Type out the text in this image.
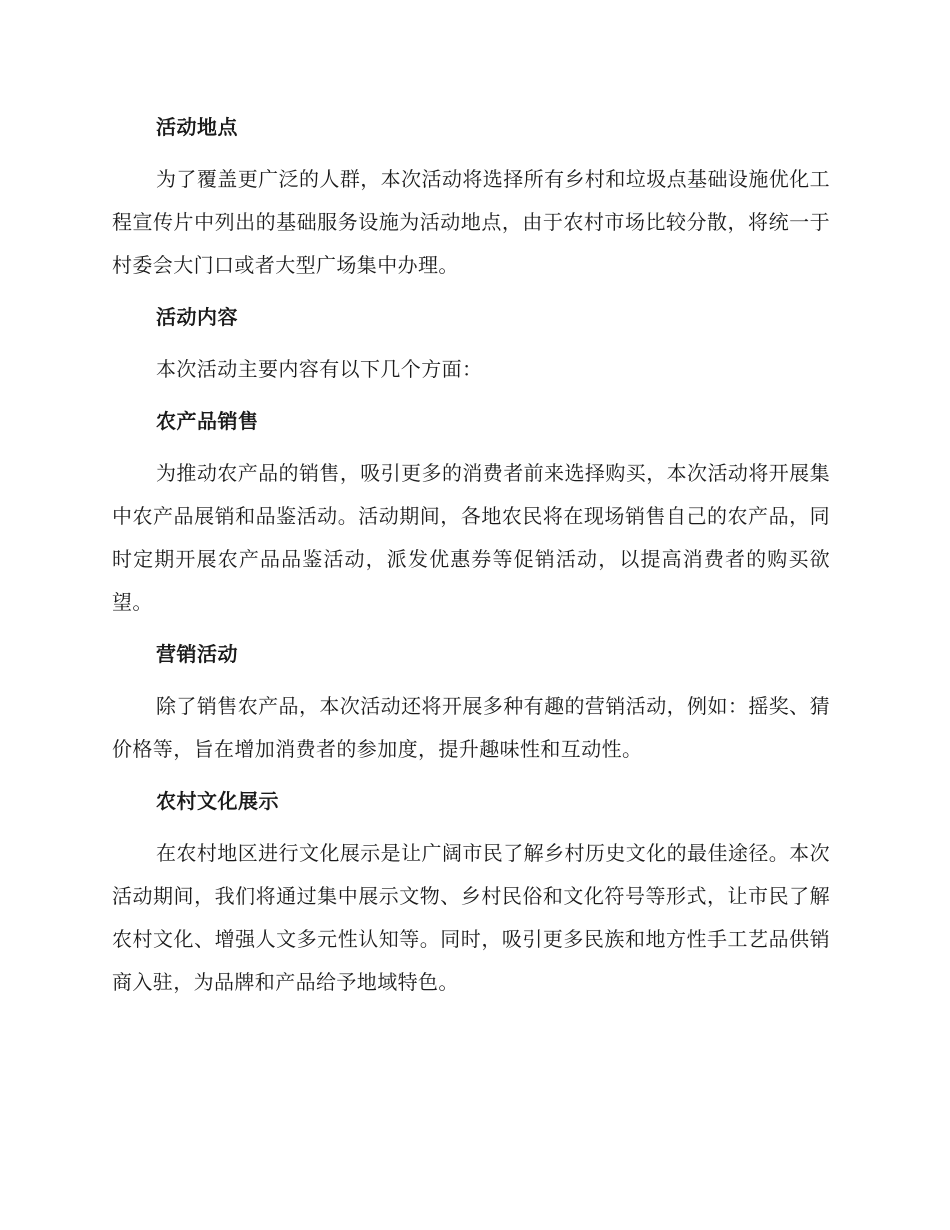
活动地点

为了覆盖更广泛的人群，本次活动将选择所有乡村和垃圾点基础设施优化工程宣传片中列出的基础服务设施为活动地点，由于农村市场比较分散，将统一于村委会大门口或者大型广场集中办理。

活动内容

本次活动主要内容有以下几个方面：

农产品销售

为推动农产品的销售，吸引更多的消费者前来选择购买，本次活动将开展集中农产品展销和品鉴活动。活动期间，各地农民将在现场销售自己的农产品，同时定期开展农产品品鉴活动，派发优惠券等促销活动，以提高消费者的购买欲望。

营销活动

除了销售农产品，本次活动还将开展多种有趣的营销活动，例如：摇奖、猜价格等，旨在增加消费者的参加度，提升趣味性和互动性。

农村文化展示

在农村地区进行文化展示是让广阔市民了解乡村历史文化的最佳途径。本次活动期间，我们将通过集中展示文物、乡村民俗和文化符号等形式，让市民了解农村文化、增强人文多元性认知等。同时，吸引更多民族和地方性手工艺品供销商入驻，为品牌和产品给予地域特色。
